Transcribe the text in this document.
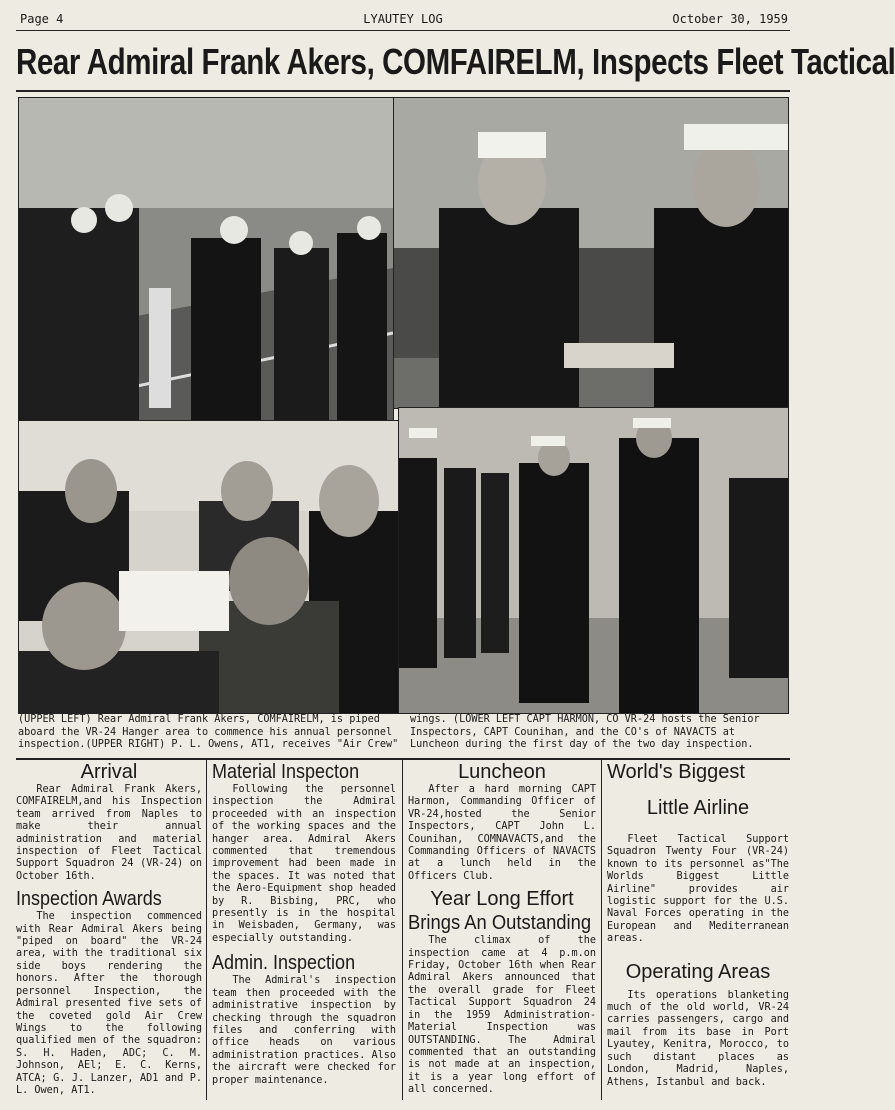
Page 4	LYAUTEY LOG	October 30, 1959
Rear Admiral Frank Akers, COMFAIRELM, Inspects Fleet Tactical
(UPPER LEFT) Rear Admiral Frank Akers, COMFAIRELM, is piped aboard the VR-24 Hanger area to commence his annual personnel inspection.(UPPER RIGHT) P. L. Owens, AT1, receives "Air Crew"
wings. (LOWER LEFT CAPT HARMON, CO VR-24 hosts the Senior Inspectors, CAPT Counihan, and the CO's of NAVACTS at Luncheon during the first day of the two day inspection.
Arrival

Rear Admiral Frank Akers, COMFAIRELM,and his Inspection team arrived from Naples to make their annual administration and material inspection of Fleet Tactical Support Squadron 24 (VR-24) on October 16th.

Inspection Awards

The inspection commenced with Rear Admiral Akers being "piped on board" the VR-24 area, with the traditional six side boys rendering the honors. After the thorough personnel Inspection, the Admiral presented five sets of the coveted gold Air Crew Wings to the following qualified men of the squadron: S. H. Haden, ADC; C. M. Johnson, AEl; E. C. Kerns, ATCA; G. J. Lanzer, AD1 and P. L. Owen, AT1.

Material Inspecton

Following the personnel inspection the Admiral proceeded with an inspection of the working spaces and the hanger area. Admiral Akers commented that tremendous improvement had been made in the spaces. It was noted that the Aero-Equipment shop headed by R. Bisbing, PRC, who presently is in the hospital in Weisbaden, Germany, was especially outstanding.

Admin. Inspection

The Admiral's inspection team then proceeded with the administrative inspection by checking through the squadron files and conferring with office heads on various administration practices. Also the aircraft were checked for proper maintenance.

Luncheon

After a hard morning CAPT Harmon, Commanding Officer of VR-24,hosted the Senior Inspectors, CAPT John L. Counihan, COMNAVACTS,and the Commanding Officers of NAVACTS at a lunch held in the Officers Club.

Year Long Effort
Brings An Outstanding

The climax of the inspection came at 4 p.m.on Friday, October 16th when Rear Admiral Akers announced that the overall grade for Fleet Tactical Support Squadron 24 in the 1959 Administration-Material Inspection was OUTSTANDING. The Admiral commented that an outstanding is not made at an inspection, it is a year long effort of all concerned.

World's Biggest
Little Airline

Fleet Tactical Support Squadron Twenty Four (VR-24) known to its personnel as"The Worlds Biggest Little Airline" provides air logistic support for the U.S. Naval Forces operating in the European and Mediterranean areas.

Operating Areas

Its operations blanketing much of the old world, VR-24 carries passengers, cargo and mail from its base in Port Lyautey, Kenitra, Morocco, to such distant places as London, Madrid, Naples, Athens, Istanbul and back.
